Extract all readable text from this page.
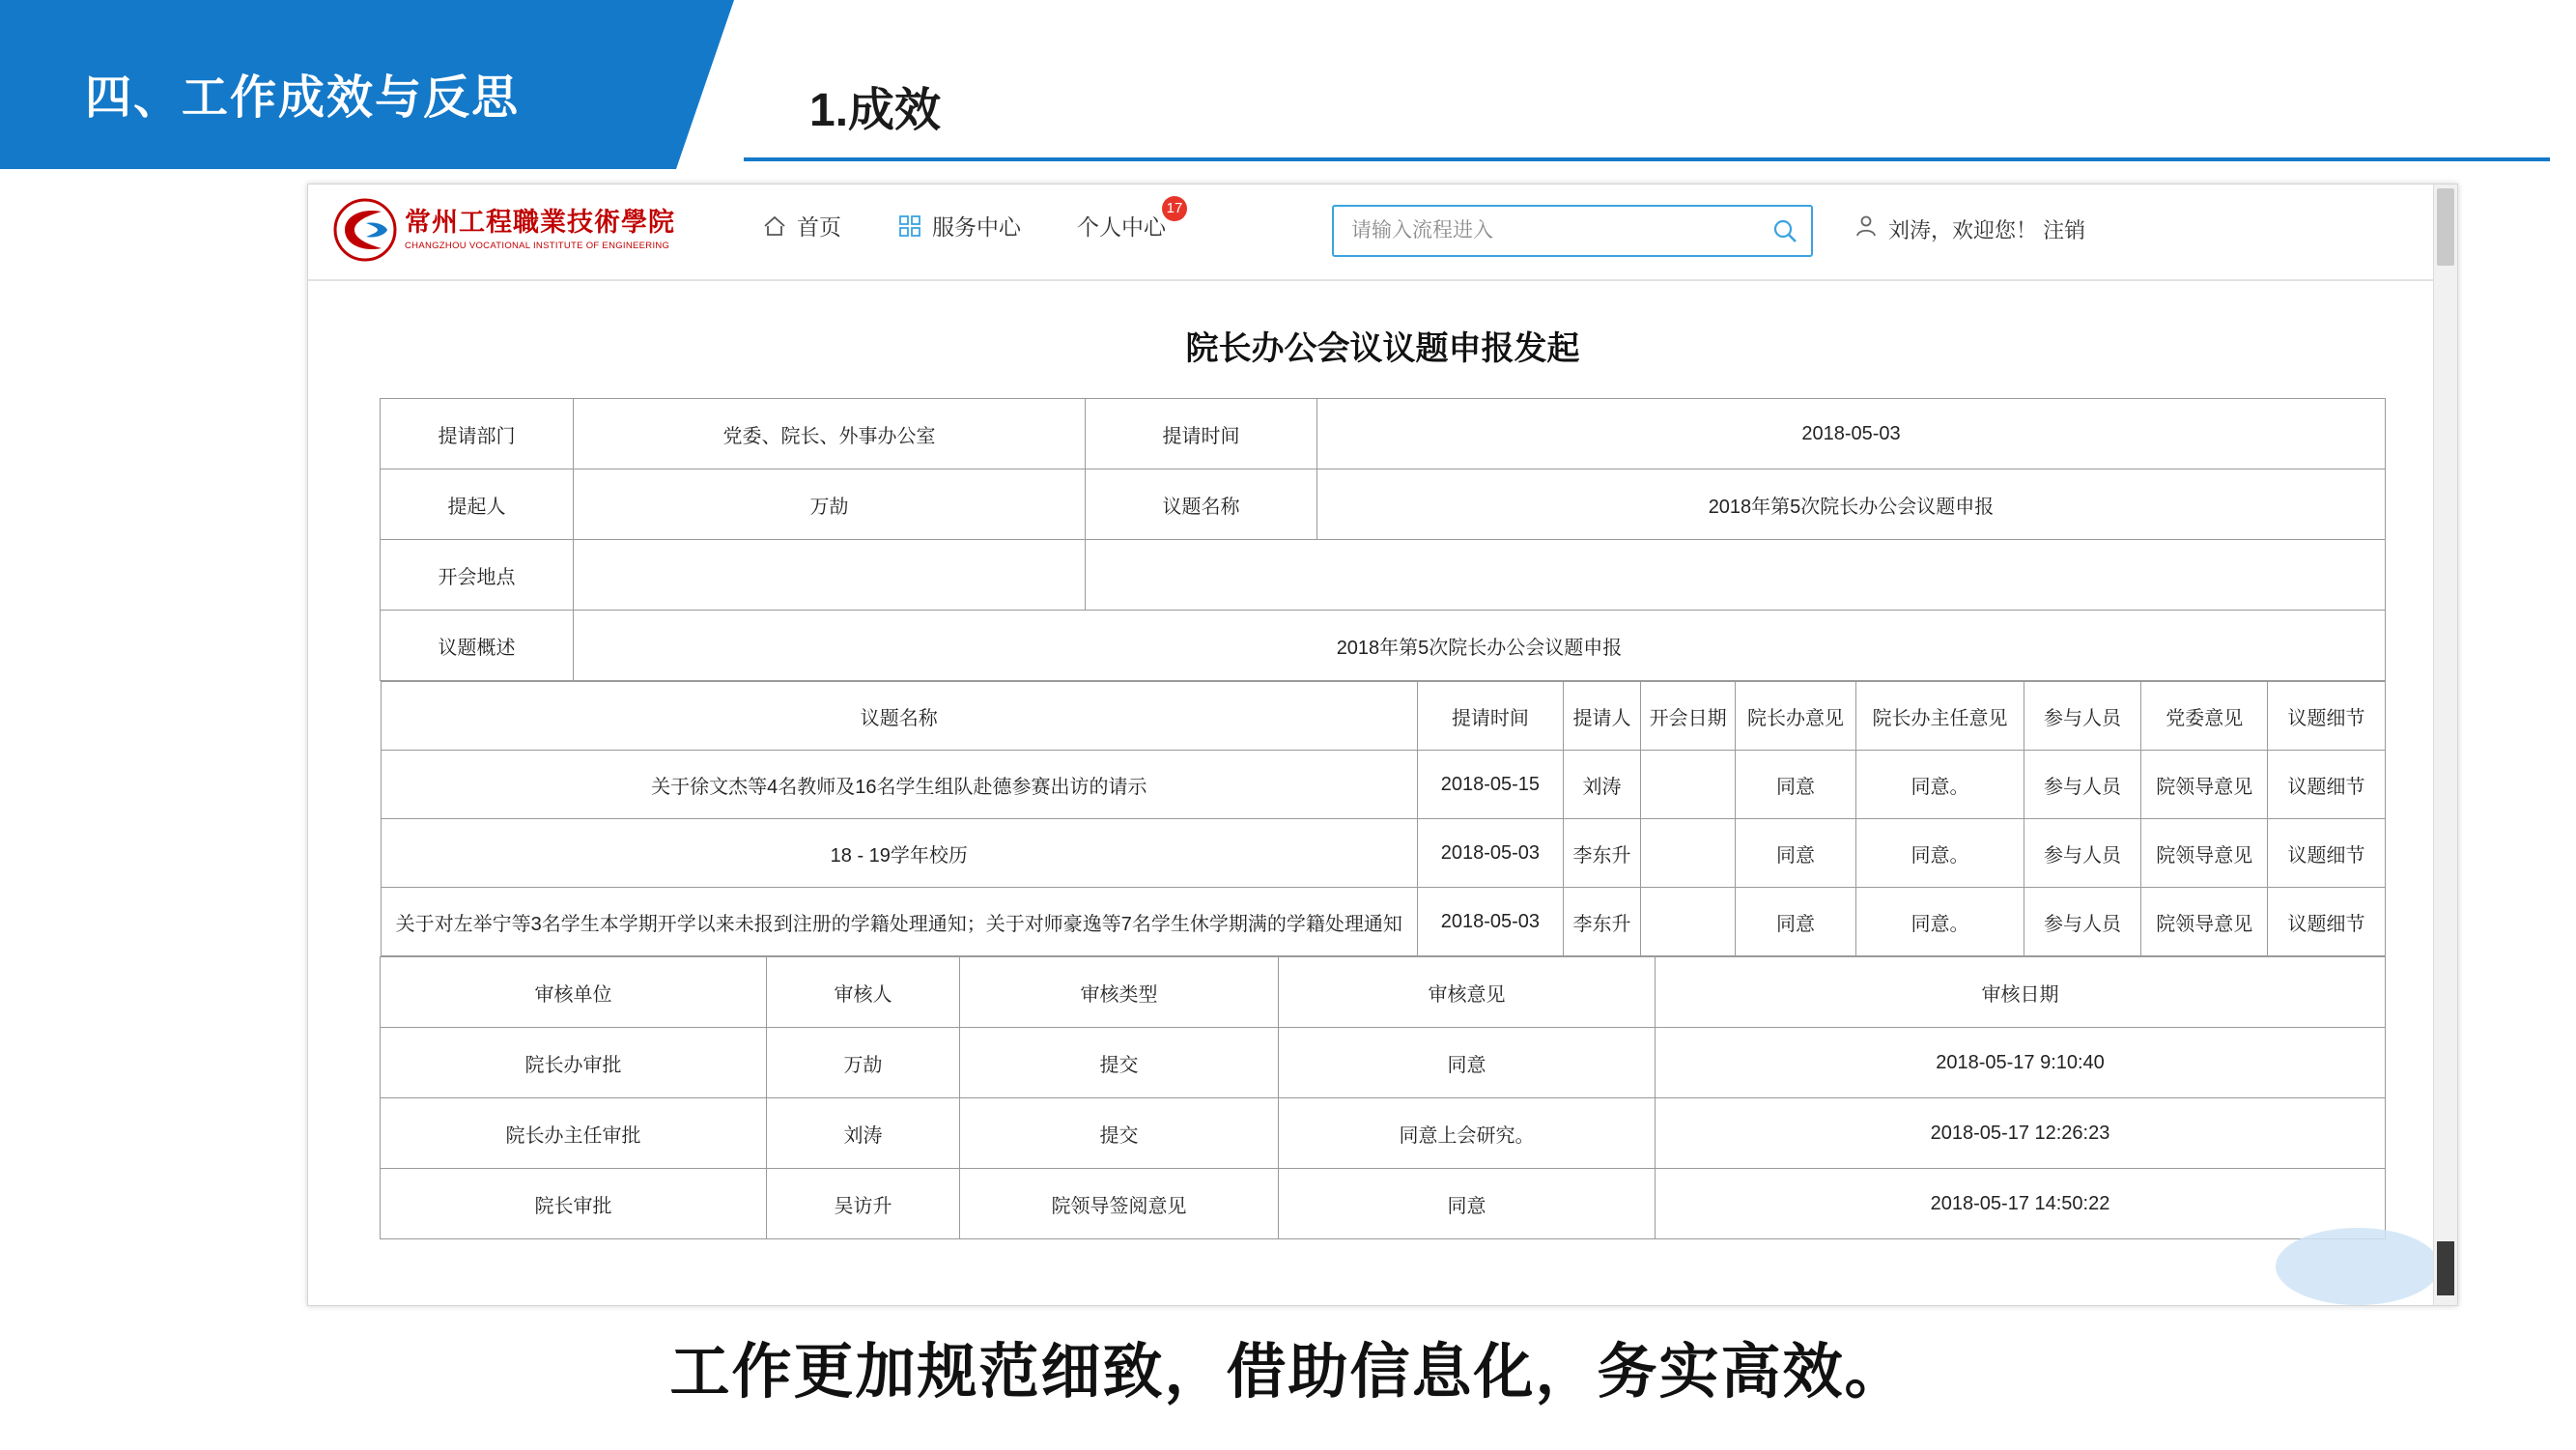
四、工作成效与反思	1.成效
常州工程職業技術學院
CHANGZHOU VOCATIONAL INSTITUTE OF ENGINEERING
首页	服务中心	个人中心
17
请输入流程进入
刘涛，欢迎您！ 注销
院长办公会议议题申报发起
提请部门	党委、院长、外事办公室	提请时间	2018-05-03
提起人	万劼	议题名称	2018年第5次院长办公会议题申报
开会地点			
议题概述	2018年第5次院长办公会议题申报		
议题名称	提请时间	提请人	开会日期	院长办意见	院长办主任意见	参与人员	党委意见	议题细节
关于徐文杰等4名教师及16名学生组队赴德参赛出访的请示	2018-05-15	刘涛		同意	同意。	参与人员	院领导意见	议题细节
18 - 19学年校历	2018-05-03	李东升		同意	同意。	参与人员	院领导意见	议题细节
关于对左举宁等3名学生本学期开学以来未报到注册的学籍处理通知；关于对师豪逸等7名学生休学期满的学籍处理通知	2018-05-03	李东升		同意	同意。	参与人员	院领导意见	议题细节
审核单位	审核人	审核类型	审核意见	审核日期
院长办审批	万劼	提交	同意	2018-05-17 9:10:40
院长办主任审批	刘涛	提交	同意上会研究。	2018-05-17 12:26:23
院长审批	吴访升	院领导签阅意见	同意	2018-05-17 14:50:22
工作更加规范细致，借助信息化，务实高效。
